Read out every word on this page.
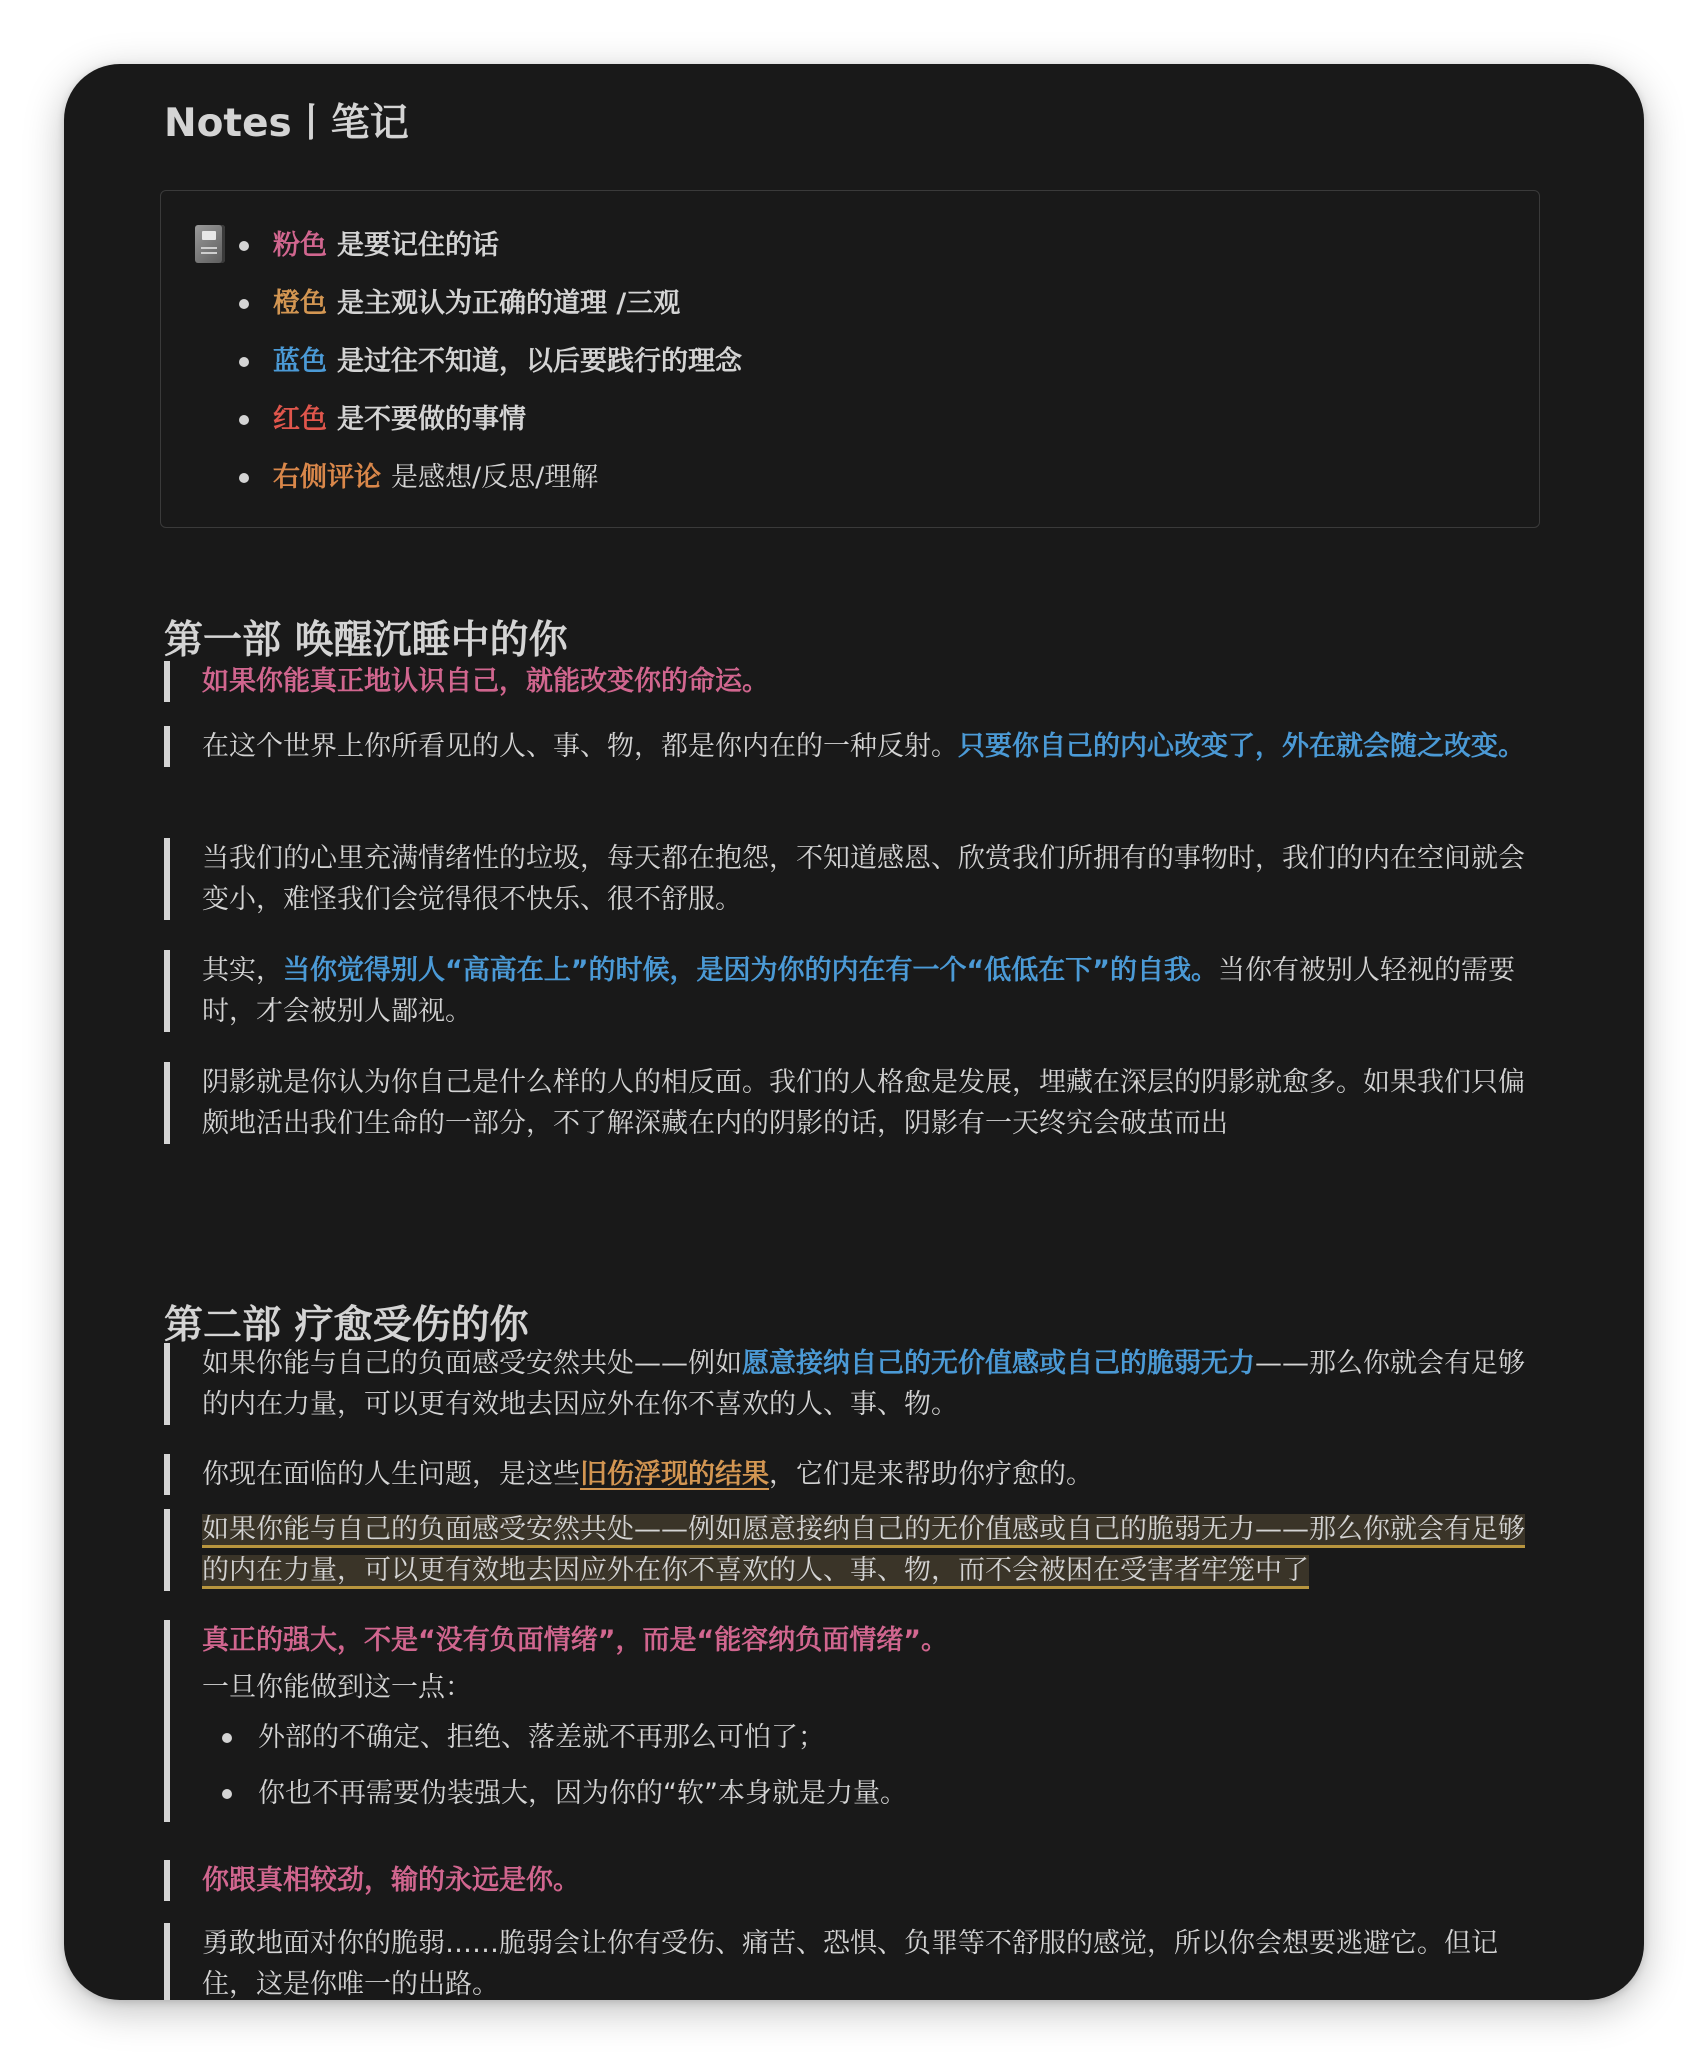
Notes丨笔记
粉色 是要记住的话
橙色 是主观认为正确的道理 /三观
蓝色 是过往不知道，以后要践行的理念
红色 是不要做的事情
右侧评论 是感想/反思/理解
第一部 唤醒沉睡中的你

如果你能真正地认识自己，就能改变你的命运。

在这个世界上你所看见的人、事、物，都是你内在的一种反射。只要你自己的内心改变了，外在就会随之改变。

当我们的心里充满情绪性的垃圾，每天都在抱怨，不知道感恩、欣赏我们所拥有的事物时，我们的内在空间就会变小，难怪我们会觉得很不快乐、很不舒服。

其实，当你觉得别人“高高在上”的时候，是因为你的内在有一个“低低在下”的自我。当你有被别人轻视的需要时，才会被别人鄙视。

阴影就是你认为你自己是什么样的人的相反面。我们的人格愈是发展，埋藏在深层的阴影就愈多。如果我们只偏颇地活出我们生命的一部分，不了解深藏在内的阴影的话，阴影有一天终究会破茧而出

第二部 疗愈受伤的你

如果你能与自己的负面感受安然共处——例如愿意接纳自己的无价值感或自己的脆弱无力——那么你就会有足够的内在力量，可以更有效地去因应外在你不喜欢的人、事、物。

你现在面临的人生问题，是这些旧伤浮现的结果，它们是来帮助你疗愈的。

如果你能与自己的负面感受安然共处——例如愿意接纳自己的无价值感或自己的脆弱无力——那么你就会有足够的内在力量，可以更有效地去因应外在你不喜欢的人、事、物，而不会被困在受害者牢笼中了

真正的强大，不是“没有负面情绪”，而是“能容纳负面情绪”。

一旦你能做到这一点：

外部的不确定、拒绝、落差就不再那么可怕了；
你也不再需要伪装强大，因为你的“软”本身就是力量。

你跟真相较劲，输的永远是你。

勇敢地面对你的脆弱……脆弱会让你有受伤、痛苦、恐惧、负罪等不舒服的感觉，所以你会想要逃避它。但记住，这是你唯一的出路。
